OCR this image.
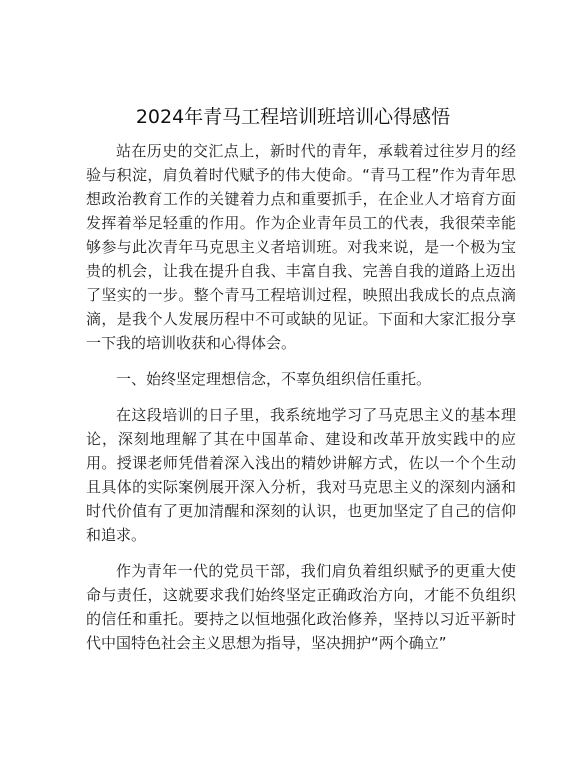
2024年青马工程培训班培训心得感悟

站在历史的交汇点上，新时代的青年，承载着过往岁月的经验与积淀，肩负着时代赋予的伟大使命。“青马工程”作为青年思想政治教育工作的关键着力点和重要抓手，在企业人才培育方面发挥着举足轻重的作用。作为企业青年员工的代表，我很荣幸能够参与此次青年马克思主义者培训班。对我来说，是一个极为宝贵的机会，让我在提升自我、丰富自我、完善自我的道路上迈出了坚实的一步。整个青马工程培训过程，映照出我成长的点点滴滴，是我个人发展历程中不可或缺的见证。下面和大家汇报分享一下我的培训收获和心得体会。

一、始终坚定理想信念，不辜负组织信任重托。

在这段培训的日子里，我系统地学习了马克思主义的基本理论，深刻地理解了其在中国革命、建设和改革开放实践中的应用。授课老师凭借着深入浅出的精妙讲解方式，佐以一个个生动且具体的实际案例展开深入分析，我对马克思主义的深刻内涵和时代价值有了更加清醒和深刻的认识，也更加坚定了自己的信仰和追求。

作为青年一代的党员干部，我们肩负着组织赋予的更重大使命与责任，这就要求我们始终坚定正确政治方向，才能不负组织的信任和重托。要持之以恒地强化政治修养，坚持以习近平新时代中国特色社会主义思想为指导，坚决拥护“两个确立”
